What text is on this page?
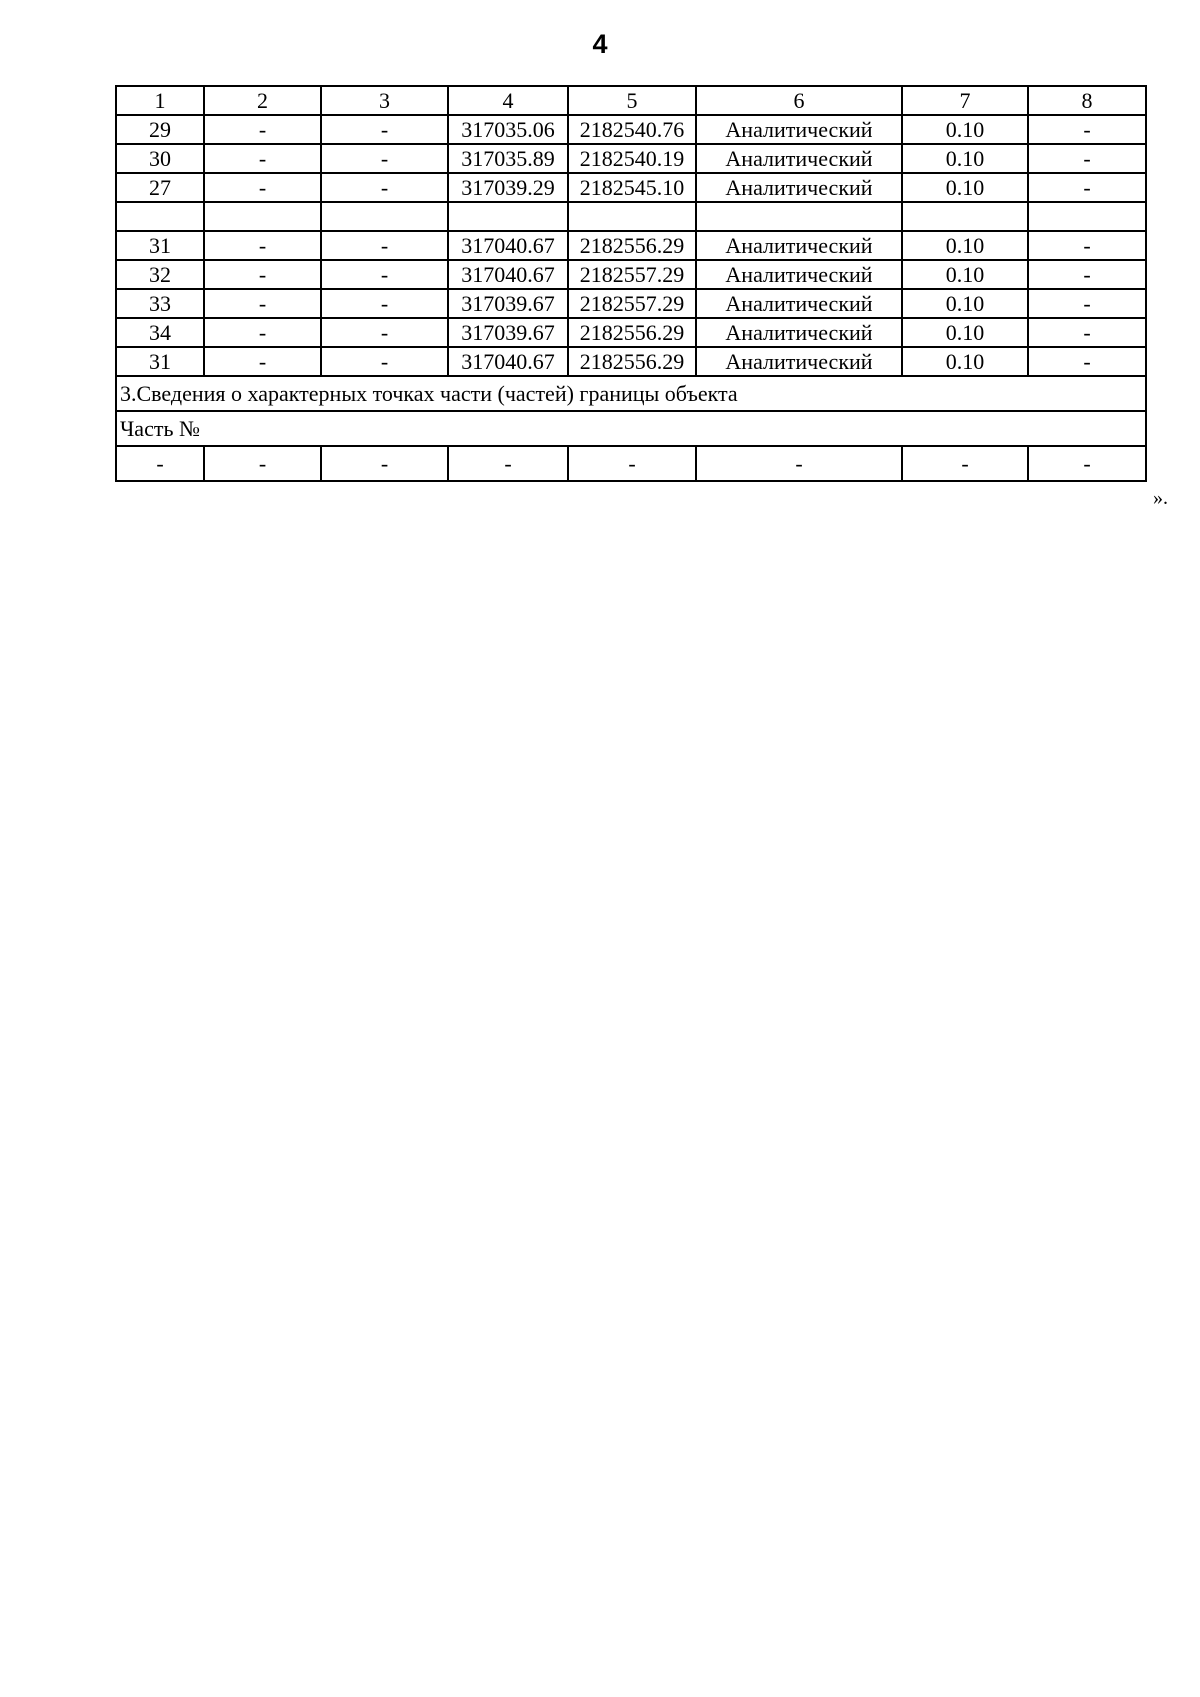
4
1	2	3	4	5	6	7	8
29	-	-	317035.06	2182540.76	Аналитический	0.10	-
30	-	-	317035.89	2182540.19	Аналитический	0.10	-
27	-	-	317039.29	2182545.10	Аналитический	0.10	-

31	-	-	317040.67	2182556.29	Аналитический	0.10	-
32	-	-	317040.67	2182557.29	Аналитический	0.10	-
33	-	-	317039.67	2182557.29	Аналитический	0.10	-
34	-	-	317039.67	2182556.29	Аналитический	0.10	-
31	-	-	317040.67	2182556.29	Аналитический	0.10	-
3.Сведения о характерных точках части (частей) границы объекта							
Часть №							
-	-	-	-	-	-	-	-
».
